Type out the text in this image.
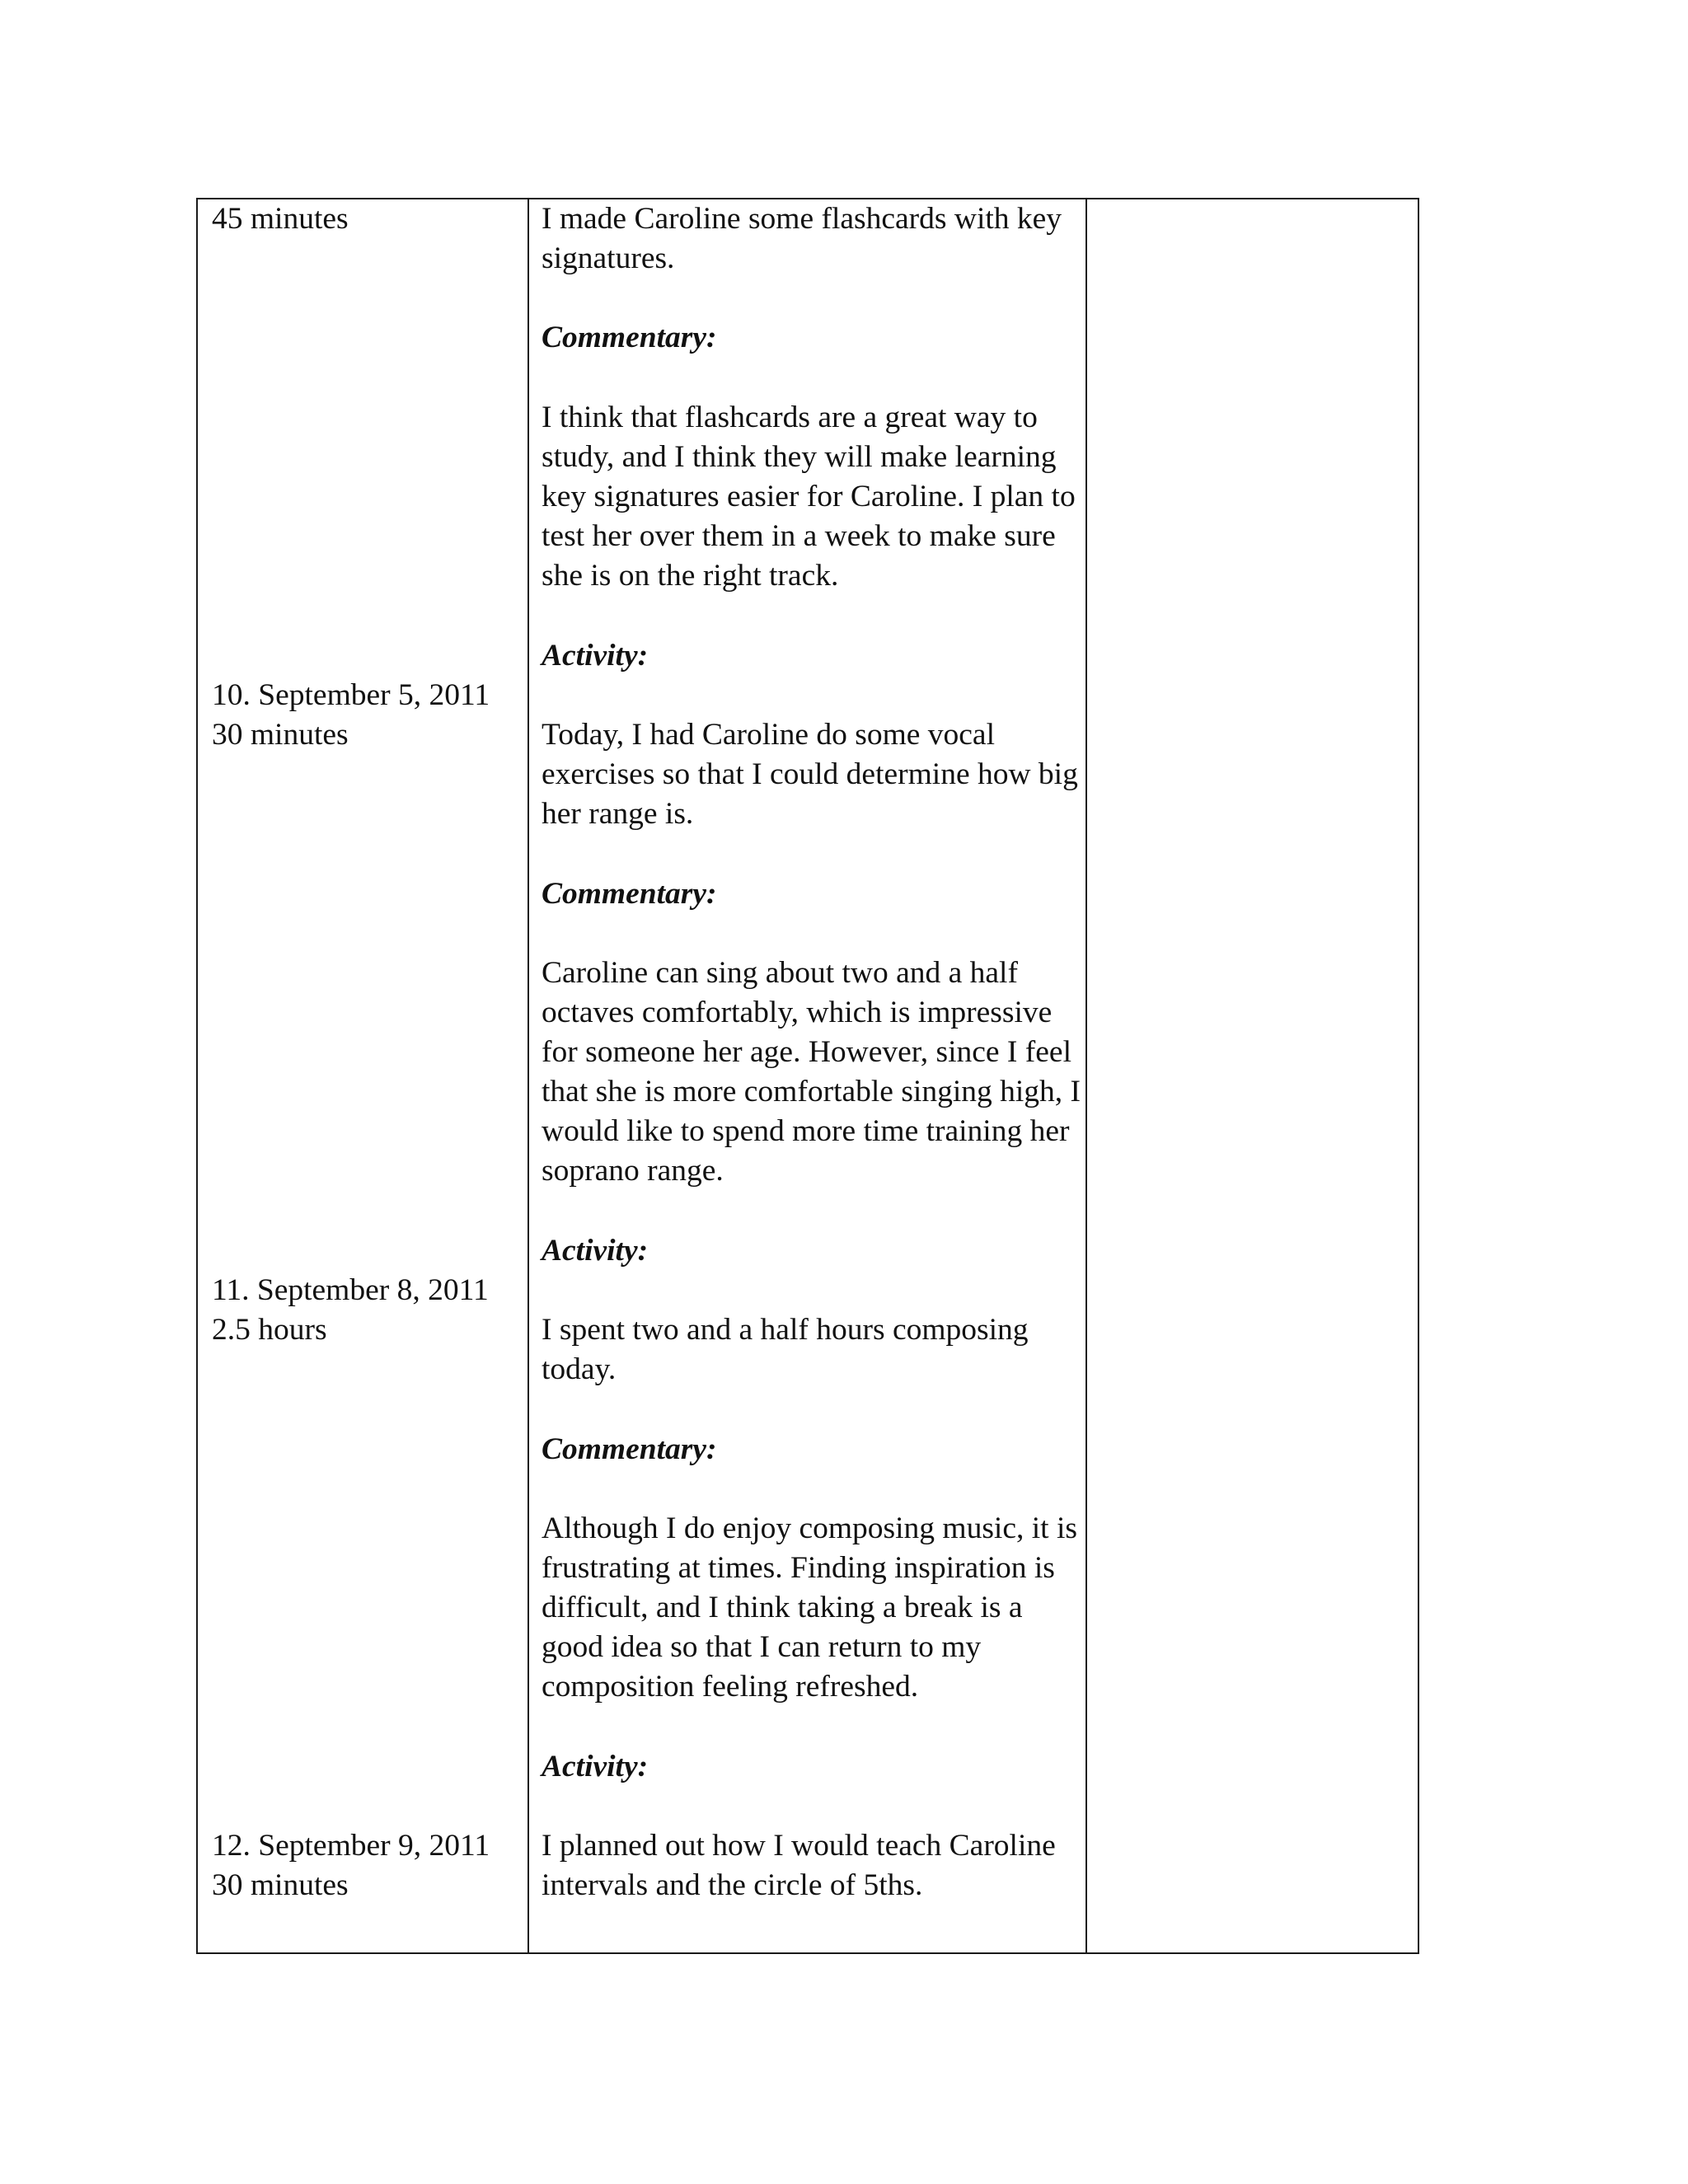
45 minutes
10. September 5, 2011
30 minutes
11. September 8, 2011
2.5 hours
12. September 9, 2011
30 minutes
I made Caroline some flashcards with key
signatures.
Commentary:
I think that flashcards are a great way to
study, and I think they will make learning
key signatures easier for Caroline. I plan to
test her over them in a week to make sure
she is on the right track.
Activity:
Today, I had Caroline do some vocal
exercises so that I could determine how big
her range is.
Commentary:
Caroline can sing about two and a half
octaves comfortably, which is impressive
for someone her age. However, since I feel
that she is more comfortable singing high, I
would like to spend more time training her
soprano range.
Activity:
I spent two and a half hours composing
today.
Commentary:
Although I do enjoy composing music, it is
frustrating at times. Finding inspiration is
difficult, and I think taking a break is a
good idea so that I can return to my
composition feeling refreshed.
Activity:
I planned out how I would teach Caroline
intervals and the circle of 5ths.
